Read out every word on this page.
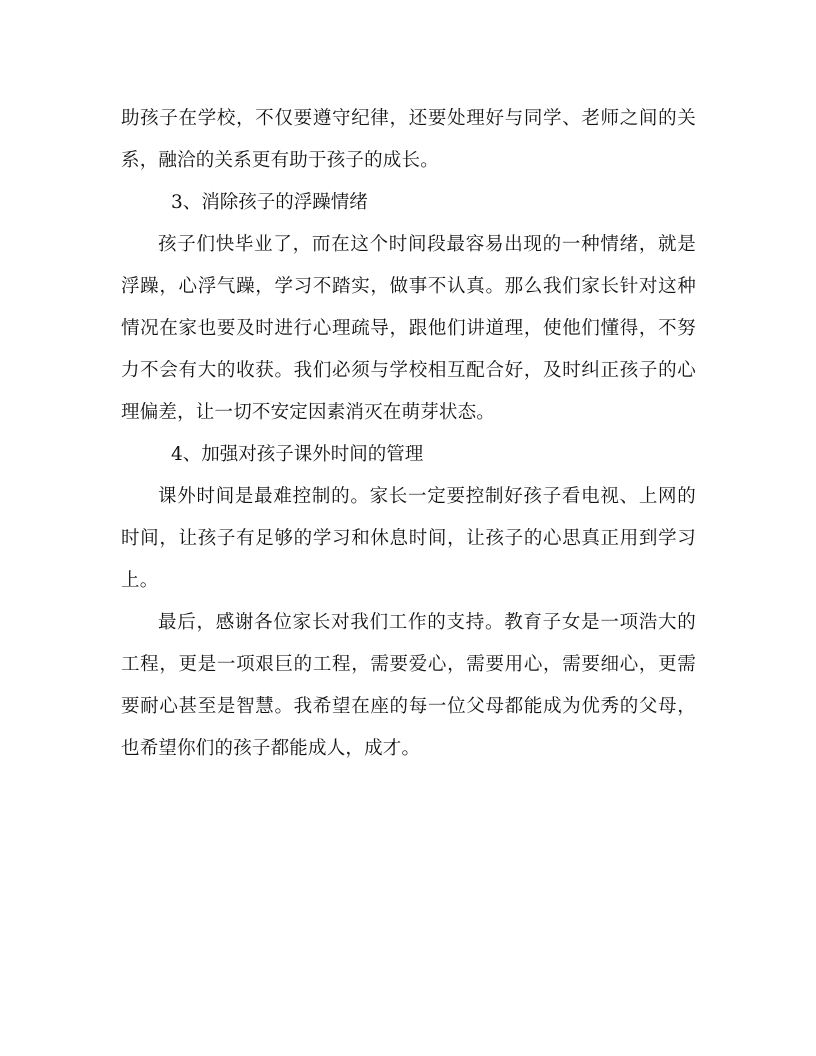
助孩子在学校，不仅要遵守纪律，还要处理好与同学、老师之间的关系，融洽的关系更有助于孩子的成长。

3、消除孩子的浮躁情绪

孩子们快毕业了，而在这个时间段最容易出现的一种情绪，就是浮躁，心浮气躁，学习不踏实，做事不认真。那么我们家长针对这种情况在家也要及时进行心理疏导，跟他们讲道理，使他们懂得，不努力不会有大的收获。我们必须与学校相互配合好，及时纠正孩子的心理偏差，让一切不安定因素消灭在萌芽状态。

4、加强对孩子课外时间的管理

课外时间是最难控制的。家长一定要控制好孩子看电视、上网的时间，让孩子有足够的学习和休息时间，让孩子的心思真正用到学习上。

最后，感谢各位家长对我们工作的支持。教育子女是一项浩大的工程，更是一项艰巨的工程，需要爱心，需要用心，需要细心，更需要耐心甚至是智慧。我希望在座的每一位父母都能成为优秀的父母，也希望你们的孩子都能成人，成才。
